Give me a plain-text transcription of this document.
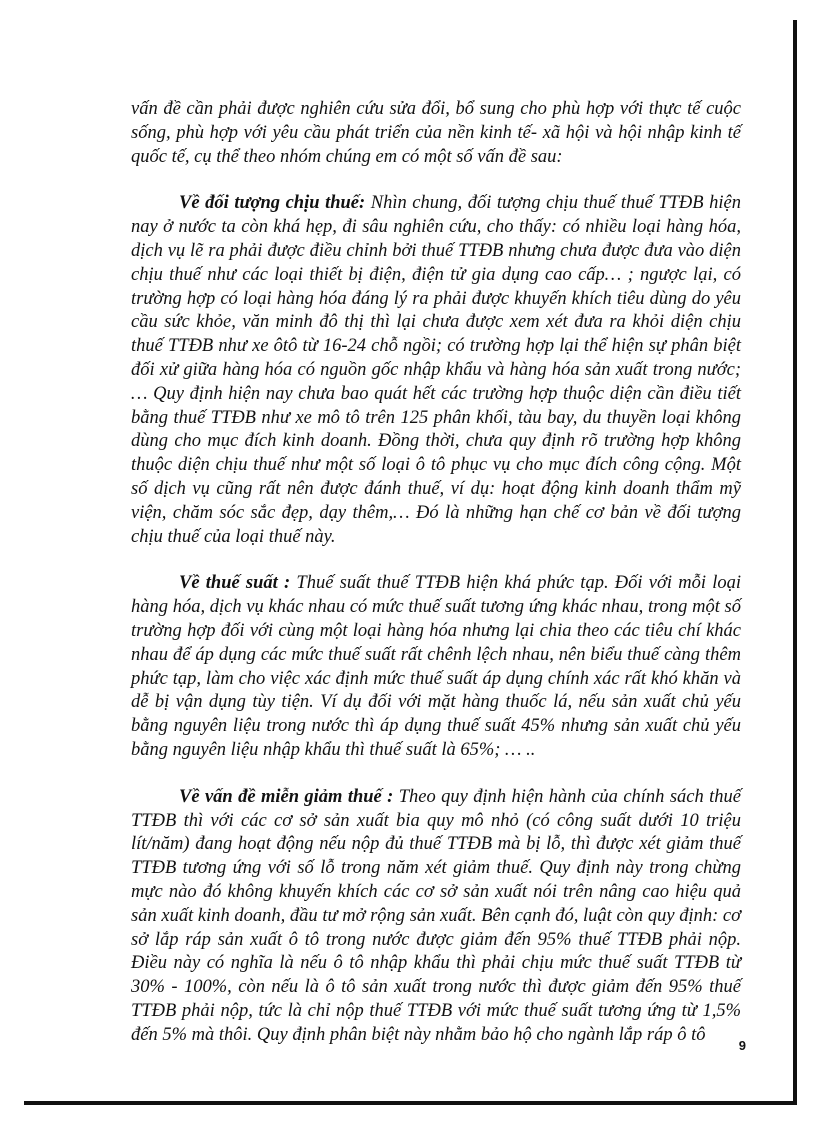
vấn đề cần phải được nghiên cứu sửa đổi, bổ sung cho phù hợp với thực tế cuộc sống, phù hợp với yêu cầu phát triển của nền kinh tế- xã hội và hội nhập kinh tế quốc tế, cụ thể theo nhóm chúng em có một số vấn đề sau:

Về đối tượng chịu thuế: Nhìn chung, đối tượng chịu thuế thuế TTĐB hiện nay ở nước ta còn khá hẹp, đi sâu nghiên cứu, cho thấy: có nhiều loại hàng hóa, dịch vụ lẽ ra phải được điều chỉnh bởi thuế TTĐB nhưng chưa được đưa vào diện chịu thuế như các loại thiết bị điện, điện tử gia dụng cao cấp… ; ngược lại, có trường hợp có loại hàng hóa đáng lý ra phải được khuyến khích tiêu dùng do yêu cầu sức khỏe, văn minh đô thị thì lại chưa được xem xét đưa ra khỏi diện chịu thuế TTĐB như xe ôtô từ 16-24 chỗ ngồi; có trường hợp lại thể hiện sự phân biệt đối xử giữa hàng hóa có nguồn gốc nhập khẩu và hàng hóa sản xuất trong nước; … Quy định hiện nay chưa bao quát hết các trường hợp thuộc diện cần điều tiết bằng thuế TTĐB như xe mô tô trên 125 phân khối, tàu bay, du thuyền loại không dùng cho mục đích kinh doanh. Đồng thời, chưa quy định rõ trường hợp không thuộc diện chịu thuế như một số loại ô tô phục vụ cho mục đích công cộng. Một số dịch vụ cũng rất nên được đánh thuế, ví dụ: hoạt động kinh doanh thẩm mỹ viện, chăm sóc sắc đẹp, dạy thêm,… Đó là những hạn chế cơ bản về đối tượng chịu thuế của loại thuế này.

Về thuế suất : Thuế suất thuế TTĐB hiện khá phức tạp. Đối với mỗi loại hàng hóa, dịch vụ khác nhau có mức thuế suất tương ứng khác nhau, trong một số trường hợp đối với cùng một loại hàng hóa nhưng lại chia theo các tiêu chí khác nhau để áp dụng các mức thuế suất rất chênh lệch nhau, nên biểu thuế càng thêm phức tạp, làm cho việc xác định mức thuế suất áp dụng chính xác rất khó khăn và dễ bị vận dụng tùy tiện. Ví dụ đối với mặt hàng thuốc lá, nếu sản xuất chủ yếu bằng nguyên liệu trong nước thì áp dụng thuế suất 45% nhưng sản xuất chủ yếu bằng nguyên liệu nhập khẩu thì thuế suất là 65%; … ..

Về vấn đề miễn giảm thuế : Theo quy định hiện hành của chính sách thuế TTĐB thì với các cơ sở sản xuất bia quy mô nhỏ (có công suất dưới 10 triệu lít/năm) đang hoạt động nếu nộp đủ thuế TTĐB mà bị lỗ, thì được xét giảm thuế TTĐB tương ứng với số lỗ trong năm xét giảm thuế. Quy định này trong chừng mực nào đó không khuyến khích các cơ sở sản xuất nói trên nâng cao hiệu quả sản xuất kinh doanh, đầu tư mở rộng sản xuất. Bên cạnh đó, luật còn quy định: cơ sở lắp ráp sản xuất ô tô trong nước được giảm đến 95% thuế TTĐB phải nộp. Điều này có nghĩa là nếu ô tô nhập khẩu thì phải chịu mức thuế suất TTĐB từ 30% - 100%, còn nếu là ô tô sản xuất trong nước thì được giảm đến 95% thuế TTĐB phải nộp, tức là chỉ nộp thuế TTĐB với mức thuế suất tương ứng từ 1,5% đến 5% mà thôi. Quy định phân biệt này nhằm bảo hộ cho ngành lắp ráp ô tô

9
